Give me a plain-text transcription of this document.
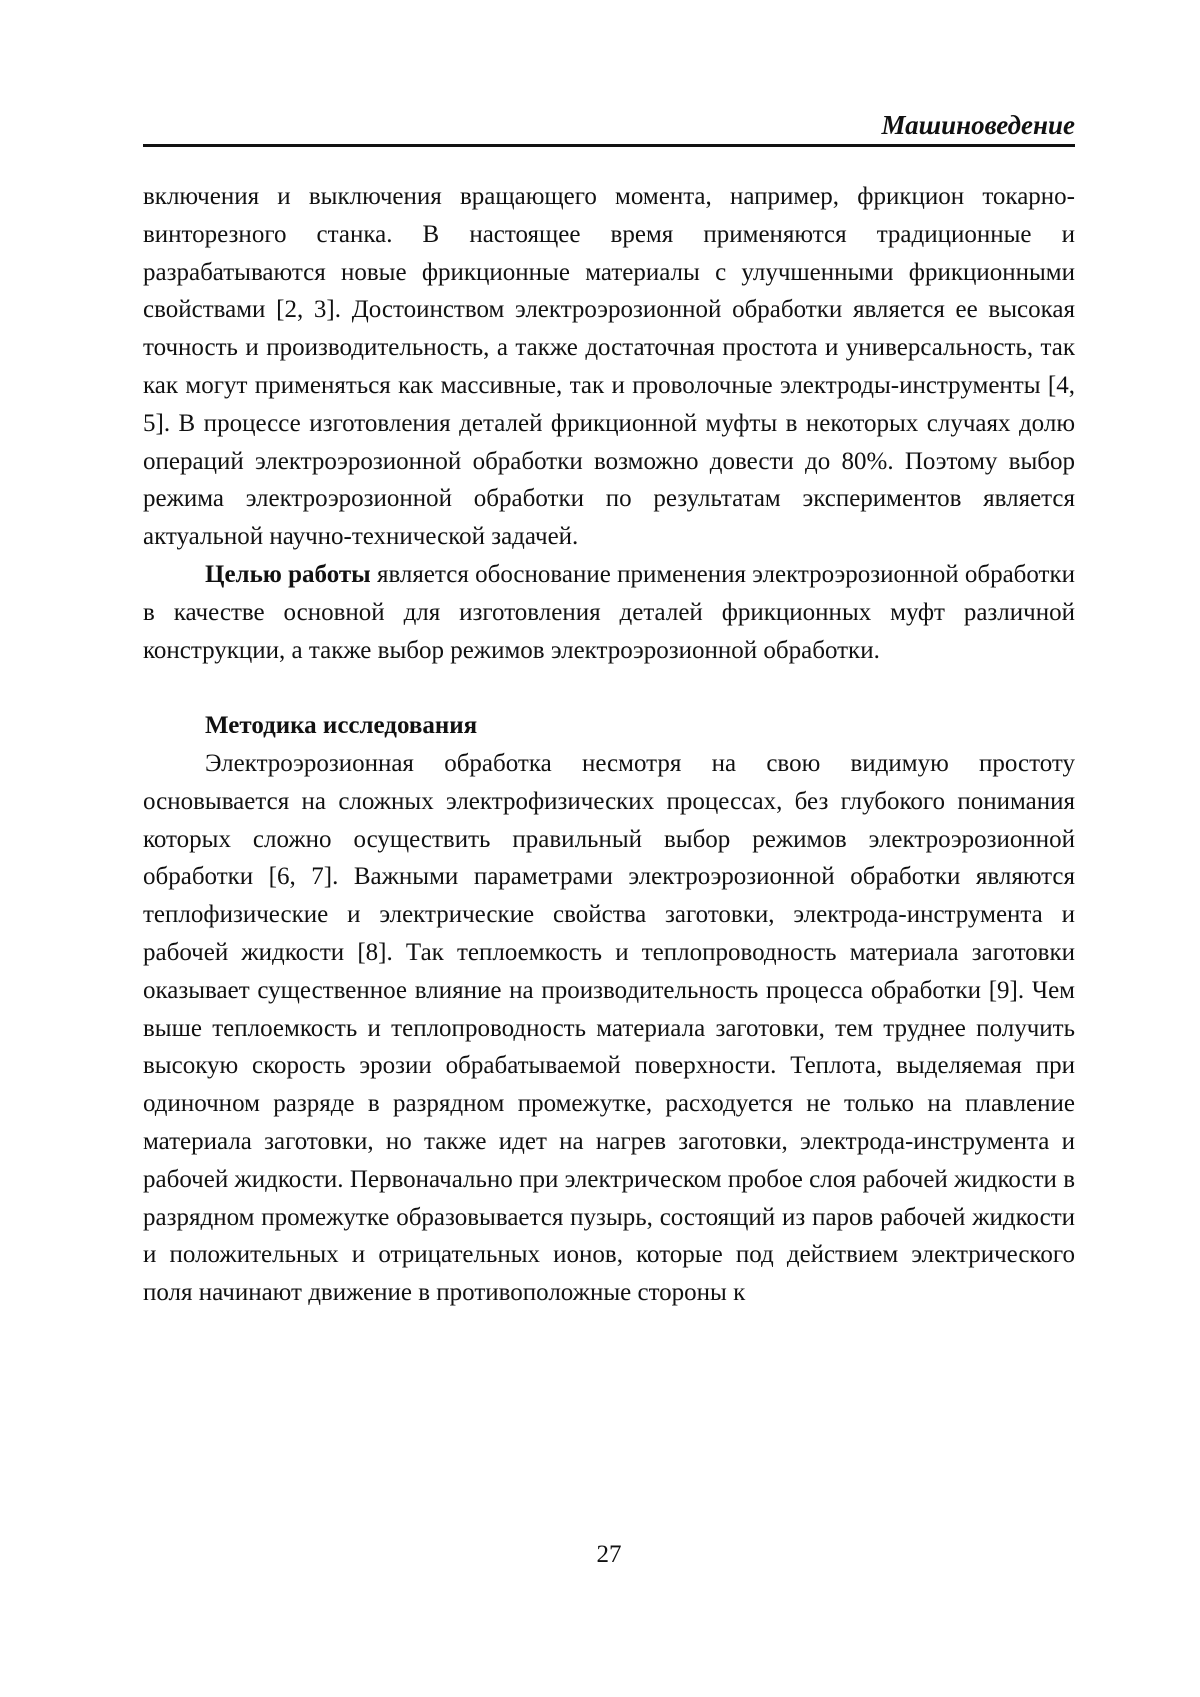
Машиноведение

включения и выключения вращающего момента, например, фрикцион токарно-винторезного станка. В настоящее время применяются традиционные и разрабатываются новые фрикционные материалы с улучшенными фрикционными свойствами [2, 3]. Достоинством электроэрозионной обработки является ее высокая точность и производительность, а также достаточная простота и универсальность, так как могут применяться как массивные, так и проволочные электроды-инструменты [4, 5]. В процессе изготовления деталей фрикционной муфты в некоторых случаях долю операций электроэрозионной обработки возможно довести до 80%. Поэтому выбор режима электроэрозионной обработки по результатам экспериментов является актуальной научно-технической задачей.

Целью работы является обоснование применения электроэрозионной обработки в качестве основной для изготовления деталей фрикционных муфт различной конструкции, а также выбор режимов электроэрозионной обработки.

Методика исследования

Электроэрозионная обработка несмотря на свою видимую простоту основывается на сложных электрофизических процессах, без глубокого понимания которых сложно осуществить правильный выбор режимов электроэрозионной обработки [6, 7]. Важными параметрами электроэрозионной обработки являются теплофизические и электрические свойства заготовки, электрода-инструмента и рабочей жидкости [8]. Так теплоемкость и теплопроводность материала заготовки оказывает существенное влияние на производительность процесса обработки [9]. Чем выше теплоемкость и теплопроводность материала заготовки, тем труднее получить высокую скорость эрозии обрабатываемой поверхности. Теплота, выделяемая при одиночном разряде в разрядном промежутке, расходуется не только на плавление материала заготовки, но также идет на нагрев заготовки, электрода-инструмента и рабочей жидкости. Первоначально при электрическом пробое слоя рабочей жидкости в разрядном промежутке образовывается пузырь, состоящий из паров рабочей жидкости и положительных и отрицательных ионов, которые под действием электрического поля начинают движение в противоположные стороны к

27
